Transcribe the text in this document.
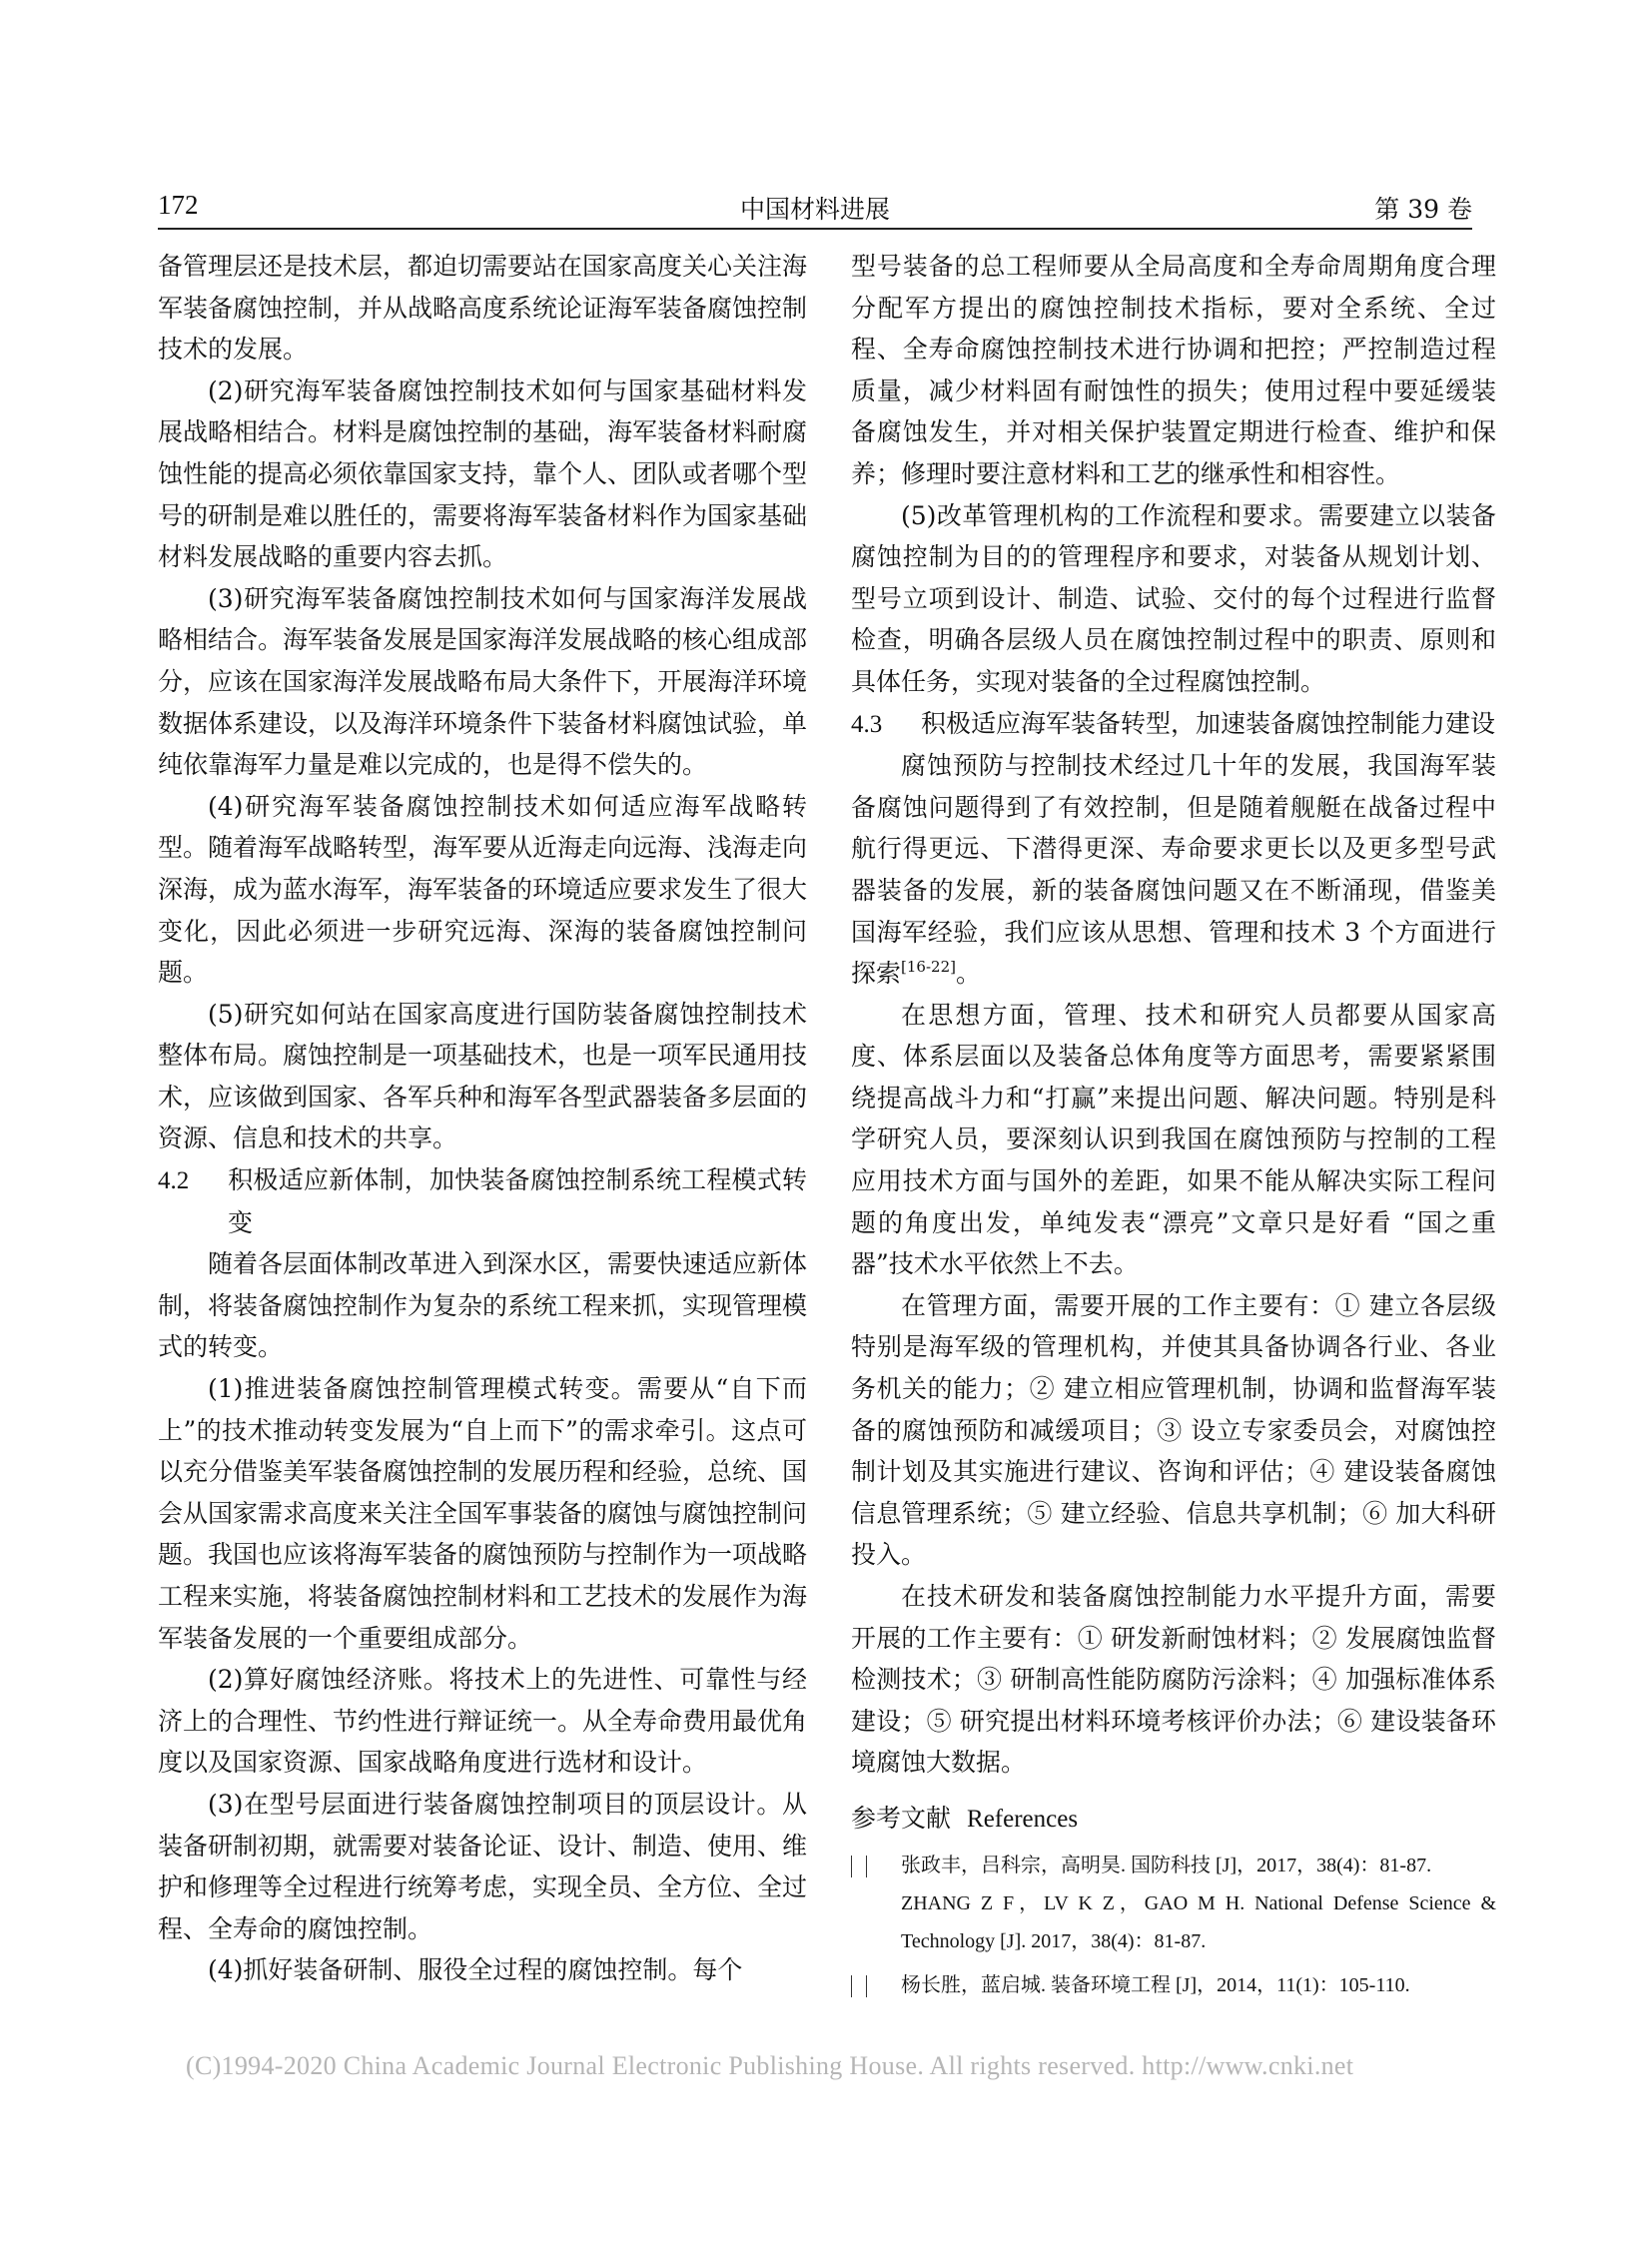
172	中国材料进展	第 39 卷

备管理层还是技术层，都迫切需要站在国家高度关心关注海军装备腐蚀控制，并从战略高度系统论证海军装备腐蚀控制技术的发展。

(2)研究海军装备腐蚀控制技术如何与国家基础材料发展战略相结合。材料是腐蚀控制的基础，海军装备材料耐腐蚀性能的提高必须依靠国家支持，靠个人、团队或者哪个型号的研制是难以胜任的，需要将海军装备材料作为国家基础材料发展战略的重要内容去抓。

(3)研究海军装备腐蚀控制技术如何与国家海洋发展战略相结合。海军装备发展是国家海洋发展战略的核心组成部分，应该在国家海洋发展战略布局大条件下，开展海洋环境数据体系建设，以及海洋环境条件下装备材料腐蚀试验，单纯依靠海军力量是难以完成的，也是得不偿失的。

(4)研究海军装备腐蚀控制技术如何适应海军战略转型。随着海军战略转型，海军要从近海走向远海、浅海走向深海，成为蓝水海军，海军装备的环境适应要求发生了很大变化，因此必须进一步研究远海、深海的装备腐蚀控制问题。

(5)研究如何站在国家高度进行国防装备腐蚀控制技术整体布局。腐蚀控制是一项基础技术，也是一项军民通用技术，应该做到国家、各军兵种和海军各型武器装备多层面的资源、信息和技术的共享。

4.2 积极适应新体制，加快装备腐蚀控制系统工程模式转变

随着各层面体制改革进入到深水区，需要快速适应新体制，将装备腐蚀控制作为复杂的系统工程来抓，实现管理模式的转变。

(1)推进装备腐蚀控制管理模式转变。需要从“自下而上”的技术推动转变发展为“自上而下”的需求牵引。这点可以充分借鉴美军装备腐蚀控制的发展历程和经验，总统、国会从国家需求高度来关注全国军事装备的腐蚀与腐蚀控制问题。我国也应该将海军装备的腐蚀预防与控制作为一项战略工程来实施，将装备腐蚀控制材料和工艺技术的发展作为海军装备发展的一个重要组成部分。

(2)算好腐蚀经济账。将技术上的先进性、可靠性与经济上的合理性、节约性进行辩证统一。从全寿命费用最优角度以及国家资源、国家战略角度进行选材和设计。

(3)在型号层面进行装备腐蚀控制项目的顶层设计。从装备研制初期，就需要对装备论证、设计、制造、使用、维护和修理等全过程进行统筹考虑，实现全员、全方位、全过程、全寿命的腐蚀控制。

(4)抓好装备研制、服役全过程的腐蚀控制。每个

型号装备的总工程师要从全局高度和全寿命周期角度合理分配军方提出的腐蚀控制技术指标，要对全系统、全过程、全寿命腐蚀控制技术进行协调和把控；严控制造过程质量，减少材料固有耐蚀性的损失；使用过程中要延缓装备腐蚀发生，并对相关保护装置定期进行检查、维护和保养；修理时要注意材料和工艺的继承性和相容性。

(5)改革管理机构的工作流程和要求。需要建立以装备腐蚀控制为目的的管理程序和要求，对装备从规划计划、型号立项到设计、制造、试验、交付的每个过程进行监督检查，明确各层级人员在腐蚀控制过程中的职责、原则和具体任务，实现对装备的全过程腐蚀控制。

4.3 积极适应海军装备转型，加速装备腐蚀控制能力建设

腐蚀预防与控制技术经过几十年的发展，我国海军装备腐蚀问题得到了有效控制，但是随着舰艇在战备过程中航行得更远、下潜得更深、寿命要求更长以及更多型号武器装备的发展，新的装备腐蚀问题又在不断涌现，借鉴美国海军经验，我们应该从思想、管理和技术 3 个方面进行探索[16-22]。

在思想方面，管理、技术和研究人员都要从国家高度、体系层面以及装备总体角度等方面思考，需要紧紧围绕提高战斗力和“打赢”来提出问题、解决问题。特别是科学研究人员，要深刻认识到我国在腐蚀预防与控制的工程应用技术方面与国外的差距，如果不能从解决实际工程问题的角度出发，单纯发表“漂亮”文章只是好看 “国之重器”技术水平依然上不去。

在管理方面，需要开展的工作主要有：① 建立各层级特别是海军级的管理机构，并使其具备协调各行业、各业务机关的能力；② 建立相应管理机制，协调和监督海军装备的腐蚀预防和减缓项目；③ 设立专家委员会，对腐蚀控制计划及其实施进行建议、咨询和评估；④ 建设装备腐蚀信息管理系统；⑤ 建立经验、信息共享机制；⑥ 加大科研投入。

在技术研发和装备腐蚀控制能力水平提升方面，需要开展的工作主要有：① 研发新耐蚀材料；② 发展腐蚀监督检测技术；③ 研制高性能防腐防污涂料；④ 加强标准体系建设；⑤ 研究提出材料环境考核评价办法；⑥ 建设装备环境腐蚀大数据。

参考文献 References
张政丰，吕科宗，高明昊. 国防科技 [J]，2017，38(4)：81-87.
ZHANG Z F，LV K Z，GAO M H. National Defense Science & Technology [J]. 2017，38(4)：81-87.
杨长胜，蓝启城. 装备环境工程 [J]，2014，11(1)：105-110.
(C)1994-2020 China Academic Journal Electronic Publishing House. All rights reserved. http://www.cnki.net
